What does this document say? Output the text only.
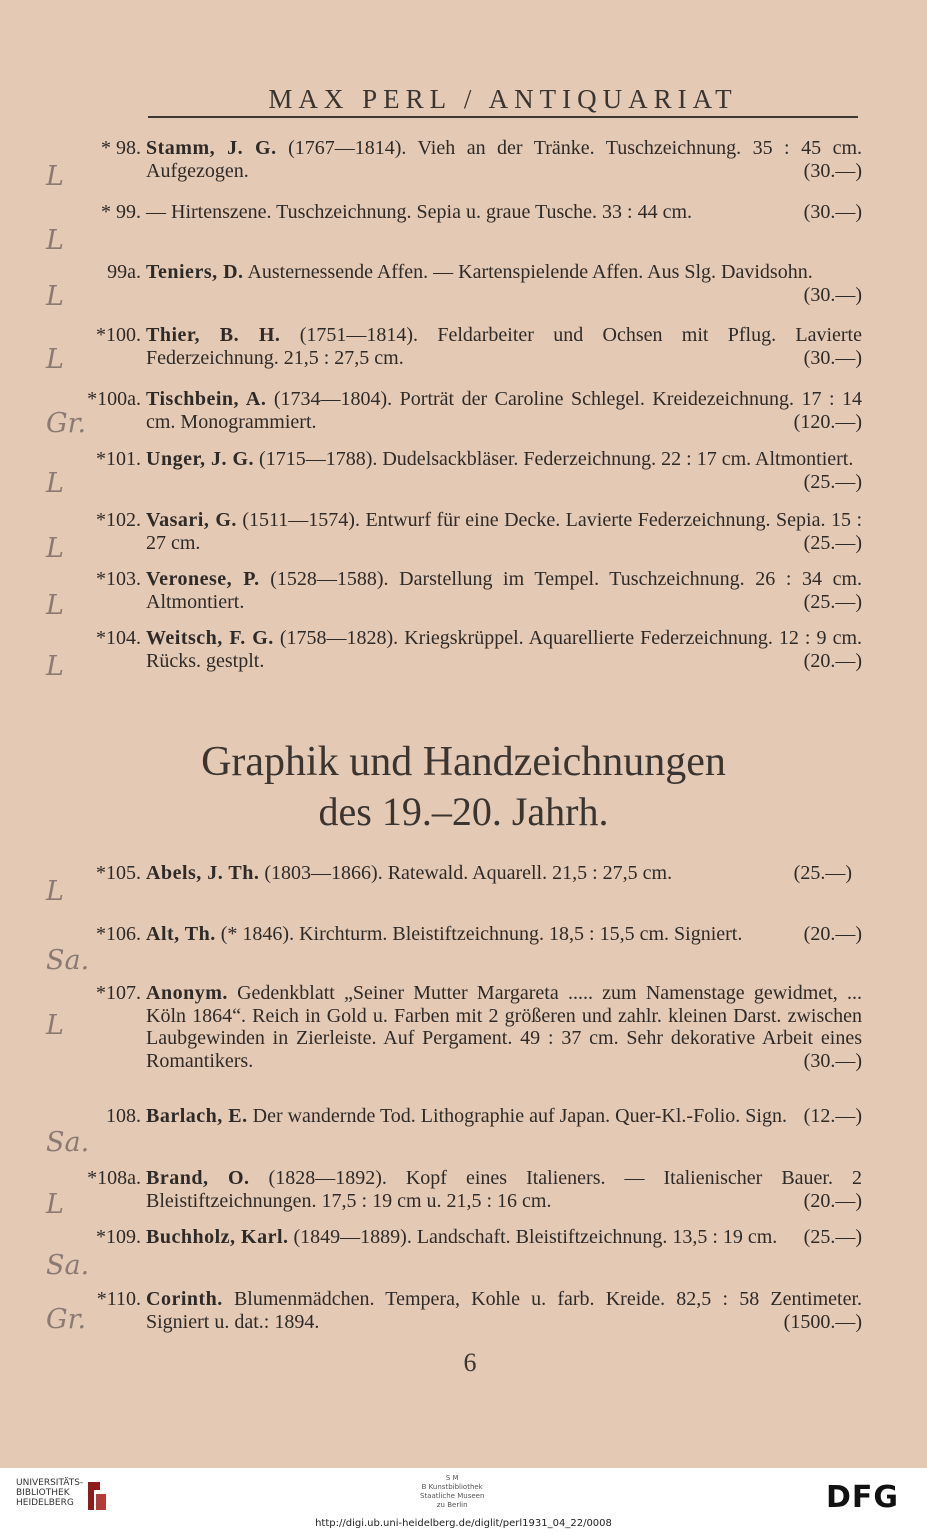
MAX PERL / ANTIQUARIAT
L
* 98. Stamm, J. G. (1767—1814). Vieh an der Tränke. Tuschzeichnung. 35 : 45 cm. Aufgezogen.	(30.—)
L
* 99. — Hirtenszene. Tuschzeichnung. Sepia u. graue Tusche. 33 : 44 cm.	(30.—)
L
99a. Teniers, D. Austernessende Affen. — Kartenspielende Affen. Aus Slg. Davidsohn.
(30.—)
L
*100. Thier, B. H. (1751—1814). Feldarbeiter und Ochsen mit Pflug. Lavierte Federzeichnung. 21,5 : 27,5 cm.	(30.—)
Gr.
*100a. Tischbein, A. (1734—1804). Porträt der Caroline Schlegel. Kreidezeichnung. 17 : 14 cm. Monogrammiert.	(120.—)
L
*101. Unger, J. G. (1715—1788). Dudelsackbläser. Federzeichnung. 22 : 17 cm. Altmontiert.
(25.—)
L
*102. Vasari, G. (1511—1574). Entwurf für eine Decke. Lavierte Federzeichnung. Sepia. 15 : 27 cm.	(25.—)
L
*103. Veronese, P. (1528—1588). Darstellung im Tempel. Tuschzeichnung. 26 : 34 cm. Altmontiert.	(25.—)
L
*104. Weitsch, F. G. (1758—1828). Kriegskrüppel. Aquarellierte Federzeichnung. 12 : 9 cm. Rücks. gestplt.	(20.—)
Graphik und Handzeichnungen
des 19.–20. Jahrh.
L
*105. Abels, J. Th. (1803—1866). Ratewald. Aquarell. 21,5 : 27,5 cm.	(25.—)
Sa.
*106. Alt, Th. (* 1846). Kirchturm. Bleistiftzeichnung. 18,5 : 15,5 cm. Signiert.	(20.—)
L
*107. Anonym. Gedenkblatt „Seiner Mutter Margareta ..... zum Namenstage gewidmet, ... Köln 1864“. Reich in Gold u. Farben mit 2 größeren und zahlr. kleinen Darst. zwischen Laubgewinden in Zierleiste. Auf Pergament. 49 : 37 cm. Sehr dekorative Arbeit eines Romantikers.	(30.—)
Sa.
108. Barlach, E. Der wandernde Tod. Lithographie auf Japan. Quer-Kl.-Folio. Sign. (12.—)
L
*108a. Brand, O. (1828—1892). Kopf eines Italieners. — Italienischer Bauer. 2 Bleistiftzeichnungen. 17,5 : 19 cm u. 21,5 : 16 cm.	(20.—)
Sa.
*109. Buchholz, Karl. (1849—1889). Landschaft. Bleistiftzeichnung. 13,5 : 19 cm. (25.—)
Gr.
*110. Corinth. Blumenmädchen. Tempera, Kohle u. farb. Kreide. 82,5 : 58 Zentimeter. Signiert u. dat.: 1894.	(1500.—)
6
UNIVERSITÄTS-
BIBLIOTHEK
HEIDELBERG
S M
B Kunstbibliothek
Staatliche Museen
zu Berlin	DFG
http://digi.ub.uni-heidelberg.de/diglit/perl1931_04_22/0008
